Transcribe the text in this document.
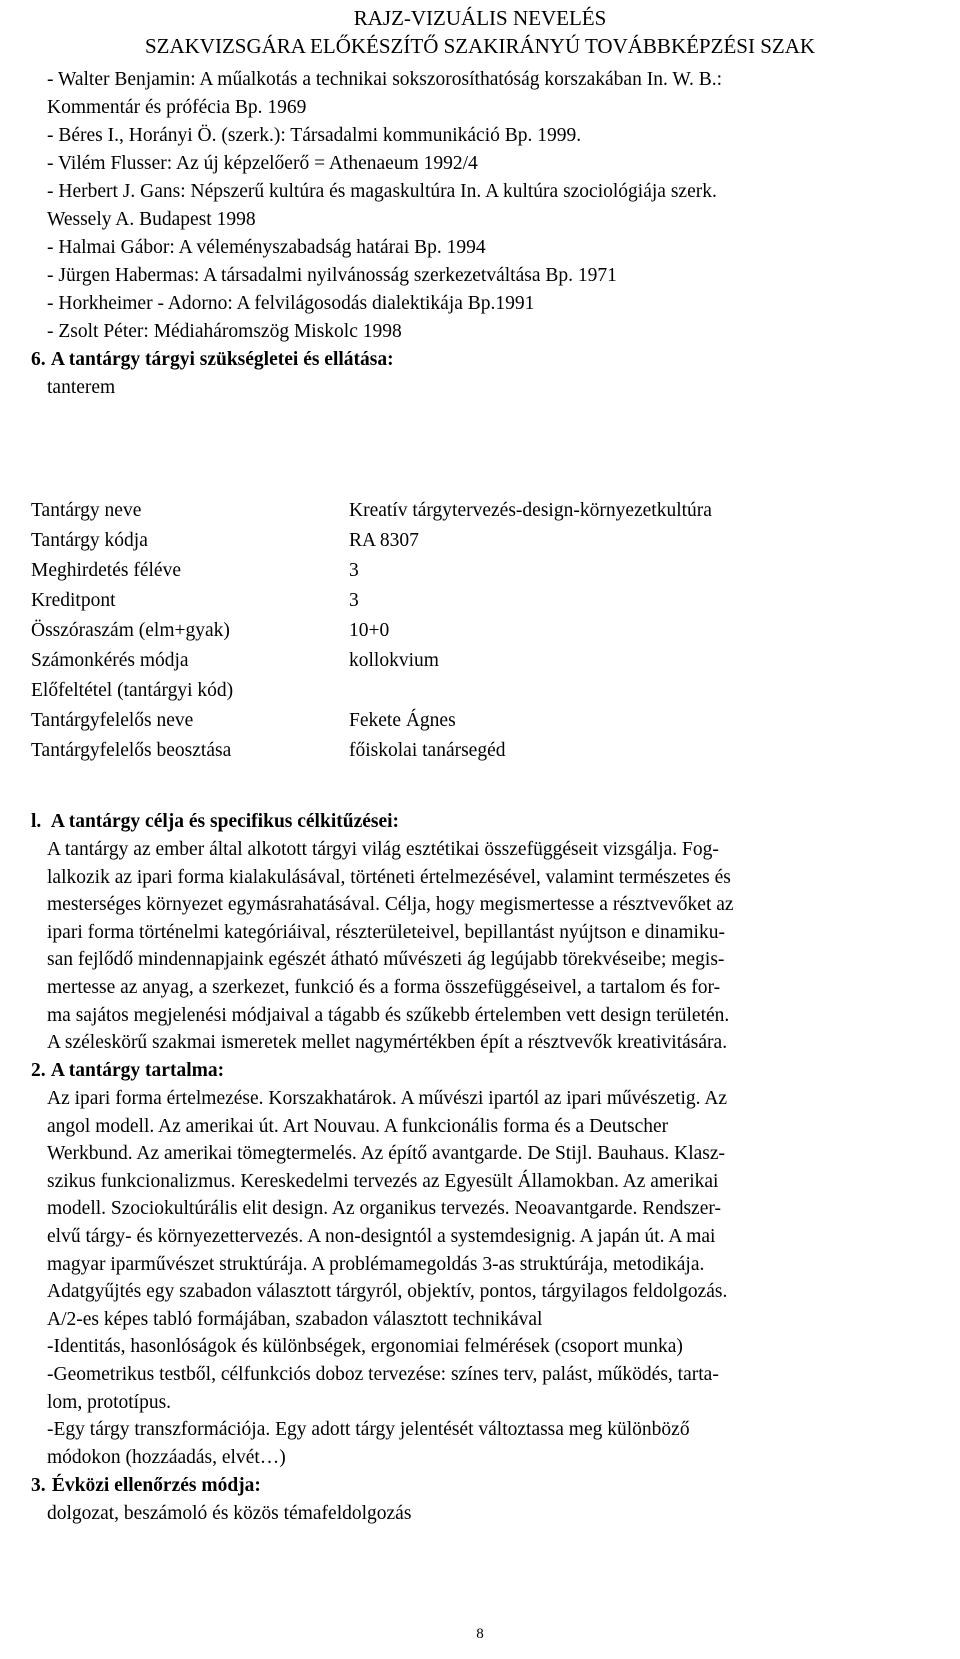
RAJZ-VIZUÁLIS NEVELÉS
SZAKVIZSGÁRA ELŐKÉSZÍTŐ SZAKIRÁNYÚ TOVÁBBKÉPZÉSI SZAK
- Walter Benjamin: A műalkotás a technikai sokszorosíthatóság korszakában In. W. B.:
Kommentár és prófécia Bp. 1969
- Béres I., Horányi Ö. (szerk.): Társadalmi kommunikáció Bp. 1999.
- Vilém Flusser: Az új képzelőerő = Athenaeum 1992/4
- Herbert J. Gans: Népszerű kultúra és magaskultúra In. A kultúra szociológiája szerk.
Wessely A. Budapest 1998
- Halmai Gábor: A véleményszabadság határai Bp. 1994
- Jürgen Habermas: A társadalmi nyilvánosság szerkezetváltása Bp. 1971
- Horkheimer - Adorno: A felvilágosodás dialektikája Bp.1991
- Zsolt Péter: Médiaháromszög Miskolc 1998
6. A tantárgy tárgyi szükségletei és ellátása:
tanterem
Tantárgy neve	Kreatív tárgytervezés-design-környezetkultúra
Tantárgy kódja	RA 8307
Meghirdetés féléve	3
Kreditpont	3
Összóraszám (elm+gyak)	10+0
Számonkérés módja	kollokvium
Előfeltétel (tantárgyi kód)
Tantárgyfelelős neve	Fekete Ágnes
Tantárgyfelelős beosztása	főiskolai tanársegéd
l. A tantárgy célja és specifikus célkitűzései:
A tantárgy az ember által alkotott tárgyi világ esztétikai összefüggéseit vizsgálja. Fog-
lalkozik az ipari forma kialakulásával, történeti értelmezésével, valamint természetes és
mesterséges környezet egymásrahatásával. Célja, hogy megismertesse a résztvevőket az
ipari forma történelmi kategóriáival, részterületeivel, bepillantást nyújtson e dinamiku-
san fejlődő mindennapjaink egészét átható művészeti ág legújabb törekvéseibe; megis-
mertesse az anyag, a szerkezet, funkció és a forma összefüggéseivel, a tartalom és for-
ma sajátos megjelenési módjaival a tágabb és szűkebb értelemben vett design területén.
A széleskörű szakmai ismeretek mellet nagymértékben épít a résztvevők kreativitására.
2. A tantárgy tartalma:
Az ipari forma értelmezése. Korszakhatárok. A művészi ipartól az ipari művészetig. Az
angol modell. Az amerikai út. Art Nouvau. A funkcionális forma és a Deutscher
Werkbund. Az amerikai tömegtermelés. Az építő avantgarde. De Stijl. Bauhaus. Klasz-
szikus funkcionalizmus. Kereskedelmi tervezés az Egyesült Államokban. Az amerikai
modell. Szociokultúrális elit design. Az organikus tervezés. Neoavantgarde. Rendszer-
elvű tárgy- és környezettervezés. A non-designtól a systemdesignig. A japán út. A mai
magyar iparművészet struktúrája. A problémamegoldás 3-as struktúrája, metodikája.
Adatgyűjtés egy szabadon választott tárgyról, objektív, pontos, tárgyilagos feldolgozás.
A/2-es képes tabló formájában, szabadon választott technikával
-Identitás, hasonlóságok és különbségek, ergonomiai felmérések (csoport munka)
-Geometrikus testből, célfunkciós doboz tervezése: színes terv, palást, működés, tarta-
lom, prototípus.
-Egy tárgy transzformációja. Egy adott tárgy jelentését változtassa meg különböző
módokon (hozzáadás, elvét…)
3. Évközi ellenőrzés módja:
dolgozat, beszámoló és közös témafeldolgozás
8
